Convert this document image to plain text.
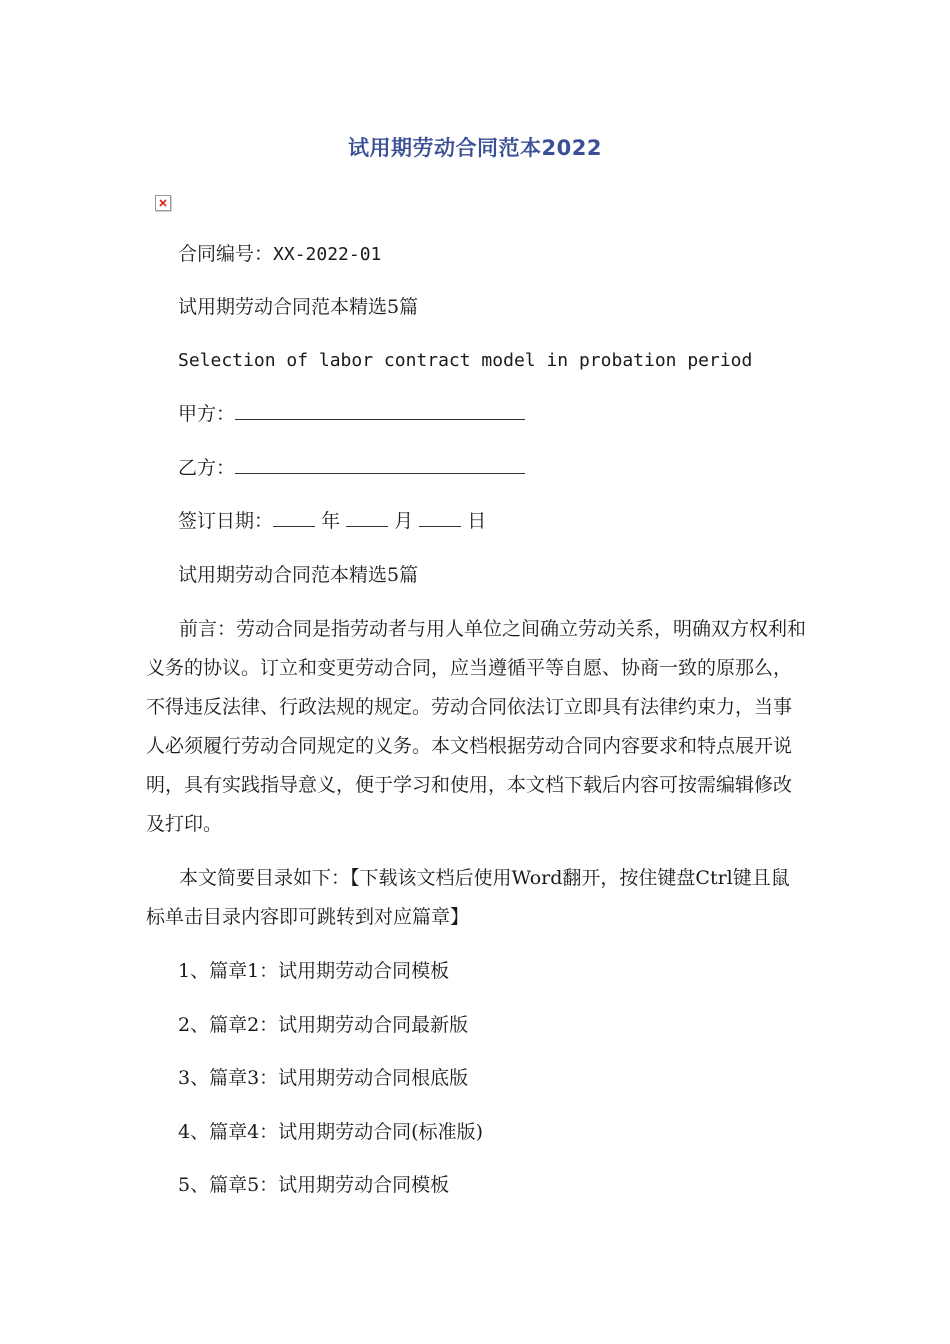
试用期劳动合同范本2022
合同编号：XX-2022-01
试用期劳动合同范本精选5篇
Selection of labor contract model in probation period
甲方：
乙方：
签订日期：	年	月	日
试用期劳动合同范本精选5篇
前言：劳动合同是指劳动者与用人单位之间确立劳动关系，明确双方权利和义务的协议。订立和变更劳动合同，应当遵循平等自愿、协商一致的原那么，不得违反法律、行政法规的规定。劳动合同依法订立即具有法律约束力，当事人必须履行劳动合同规定的义务。本文档根据劳动合同内容要求和特点展开说明，具有实践指导意义，便于学习和使用，本文档下载后内容可按需编辑修改及打印。
本文简要目录如下：【下载该文档后使用Word翻开，按住键盘Ctrl键且鼠标单击目录内容即可跳转到对应篇章】
1、篇章1：试用期劳动合同模板
2、篇章2：试用期劳动合同最新版
3、篇章3：试用期劳动合同根底版
4、篇章4：试用期劳动合同(标准版)
5、篇章5：试用期劳动合同模板
